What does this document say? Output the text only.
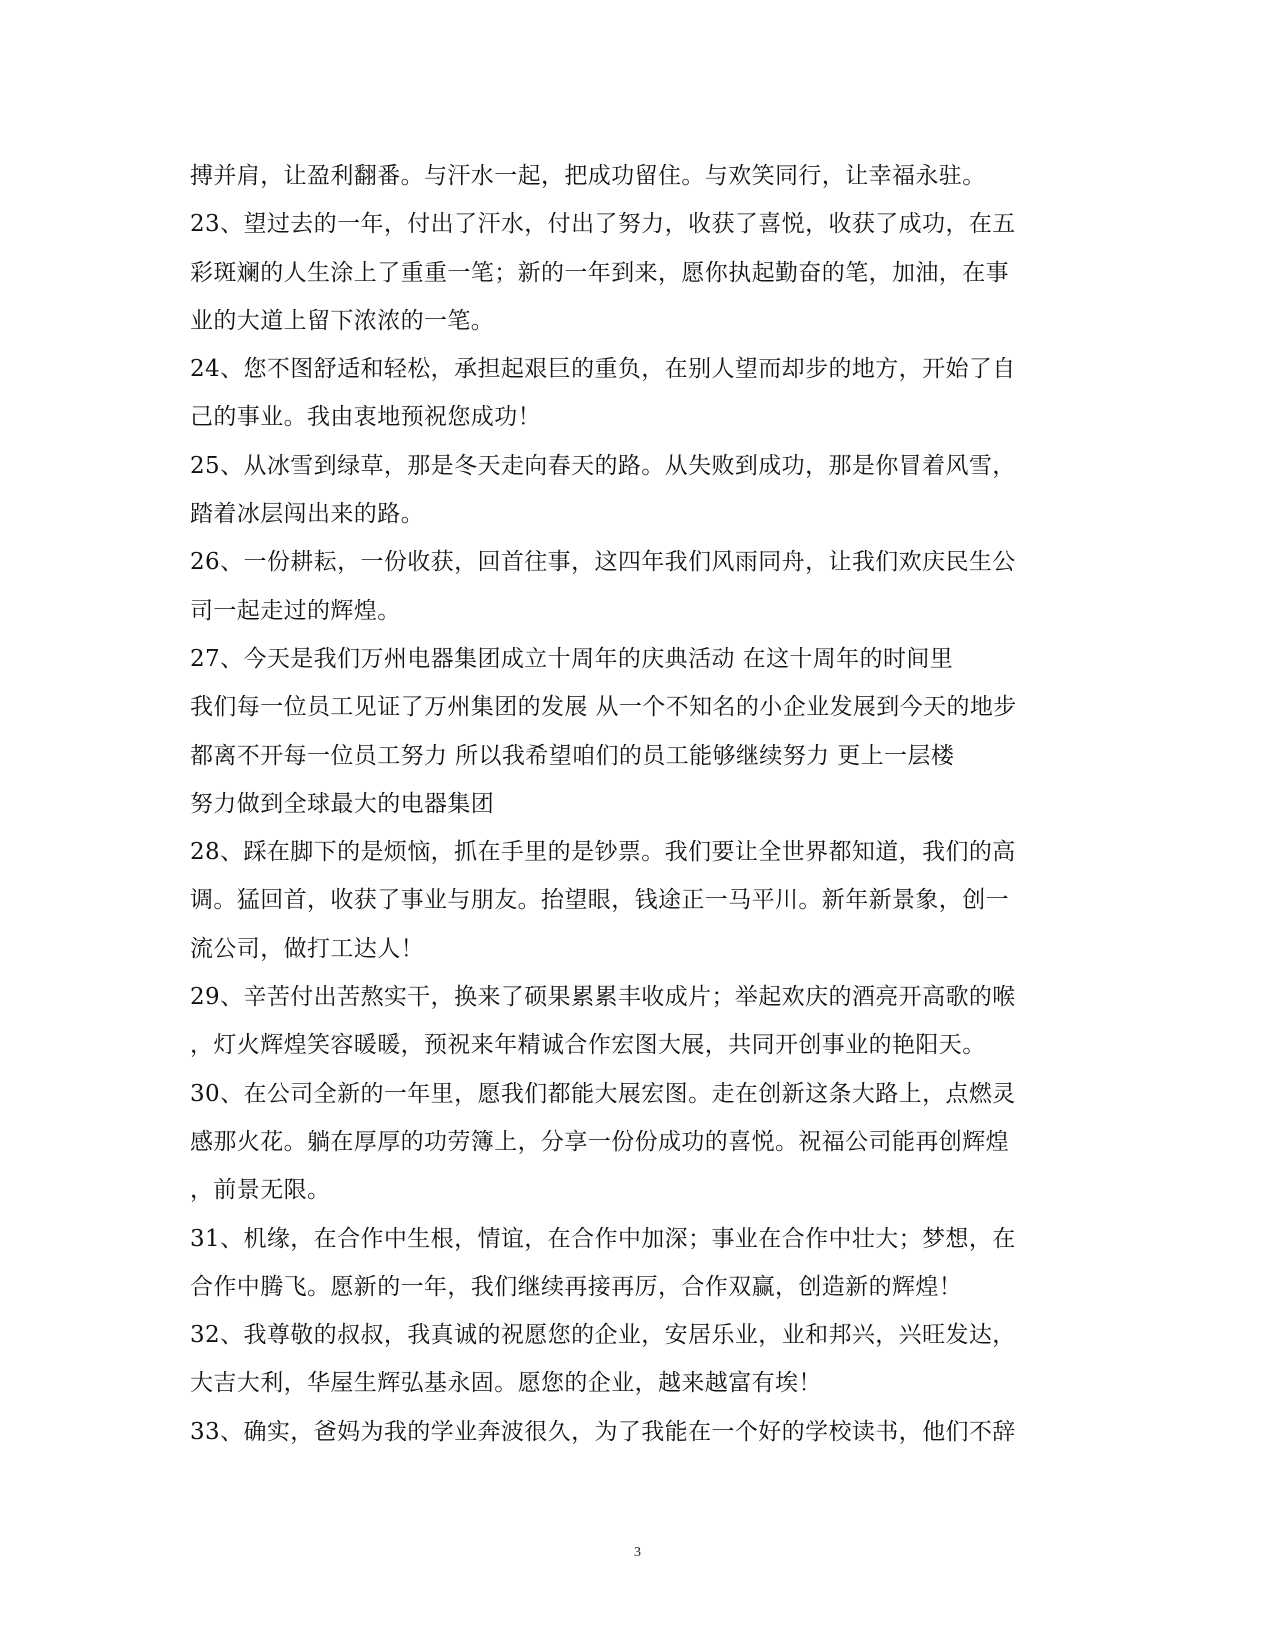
搏并肩，让盈利翻番。与汗水一起，把成功留住。与欢笑同行，让幸福永驻。
23、望过去的一年，付出了汗水，付出了努力，收获了喜悦，收获了成功，在五
彩斑斓的人生涂上了重重一笔；新的一年到来，愿你执起勤奋的笔，加油，在事
业的大道上留下浓浓的一笔。
24、您不图舒适和轻松，承担起艰巨的重负，在别人望而却步的地方，开始了自
己的事业。我由衷地预祝您成功！
25、从冰雪到绿草，那是冬天走向春天的路。从失败到成功，那是你冒着风雪，
踏着冰层闯出来的路。
26、一份耕耘，一份收获，回首往事，这四年我们风雨同舟，让我们欢庆民生公
司一起走过的辉煌。
27、今天是我们万州电器集团成立十周年的庆典活动 在这十周年的时间里
我们每一位员工见证了万州集团的发展 从一个不知名的小企业发展到今天的地步
都离不开每一位员工努力 所以我希望咱们的员工能够继续努力 更上一层楼
努力做到全球最大的电器集团
28、踩在脚下的是烦恼，抓在手里的是钞票。我们要让全世界都知道，我们的高
调。猛回首，收获了事业与朋友。抬望眼，钱途正一马平川。新年新景象，创一
流公司，做打工达人！
29、辛苦付出苦熬实干，换来了硕果累累丰收成片；举起欢庆的酒亮开高歌的喉
，灯火辉煌笑容暖暖，预祝来年精诚合作宏图大展，共同开创事业的艳阳天。
30、在公司全新的一年里，愿我们都能大展宏图。走在创新这条大路上，点燃灵
感那火花。躺在厚厚的功劳簿上，分享一份份成功的喜悦。祝福公司能再创辉煌
，前景无限。
31、机缘，在合作中生根，情谊，在合作中加深；事业在合作中壮大；梦想，在
合作中腾飞。愿新的一年，我们继续再接再厉，合作双赢，创造新的辉煌！
32、我尊敬的叔叔，我真诚的祝愿您的企业，安居乐业，业和邦兴，兴旺发达，
大吉大利，华屋生辉弘基永固。愿您的企业，越来越富有埃！
33、确实，爸妈为我的学业奔波很久，为了我能在一个好的学校读书，他们不辞
3
